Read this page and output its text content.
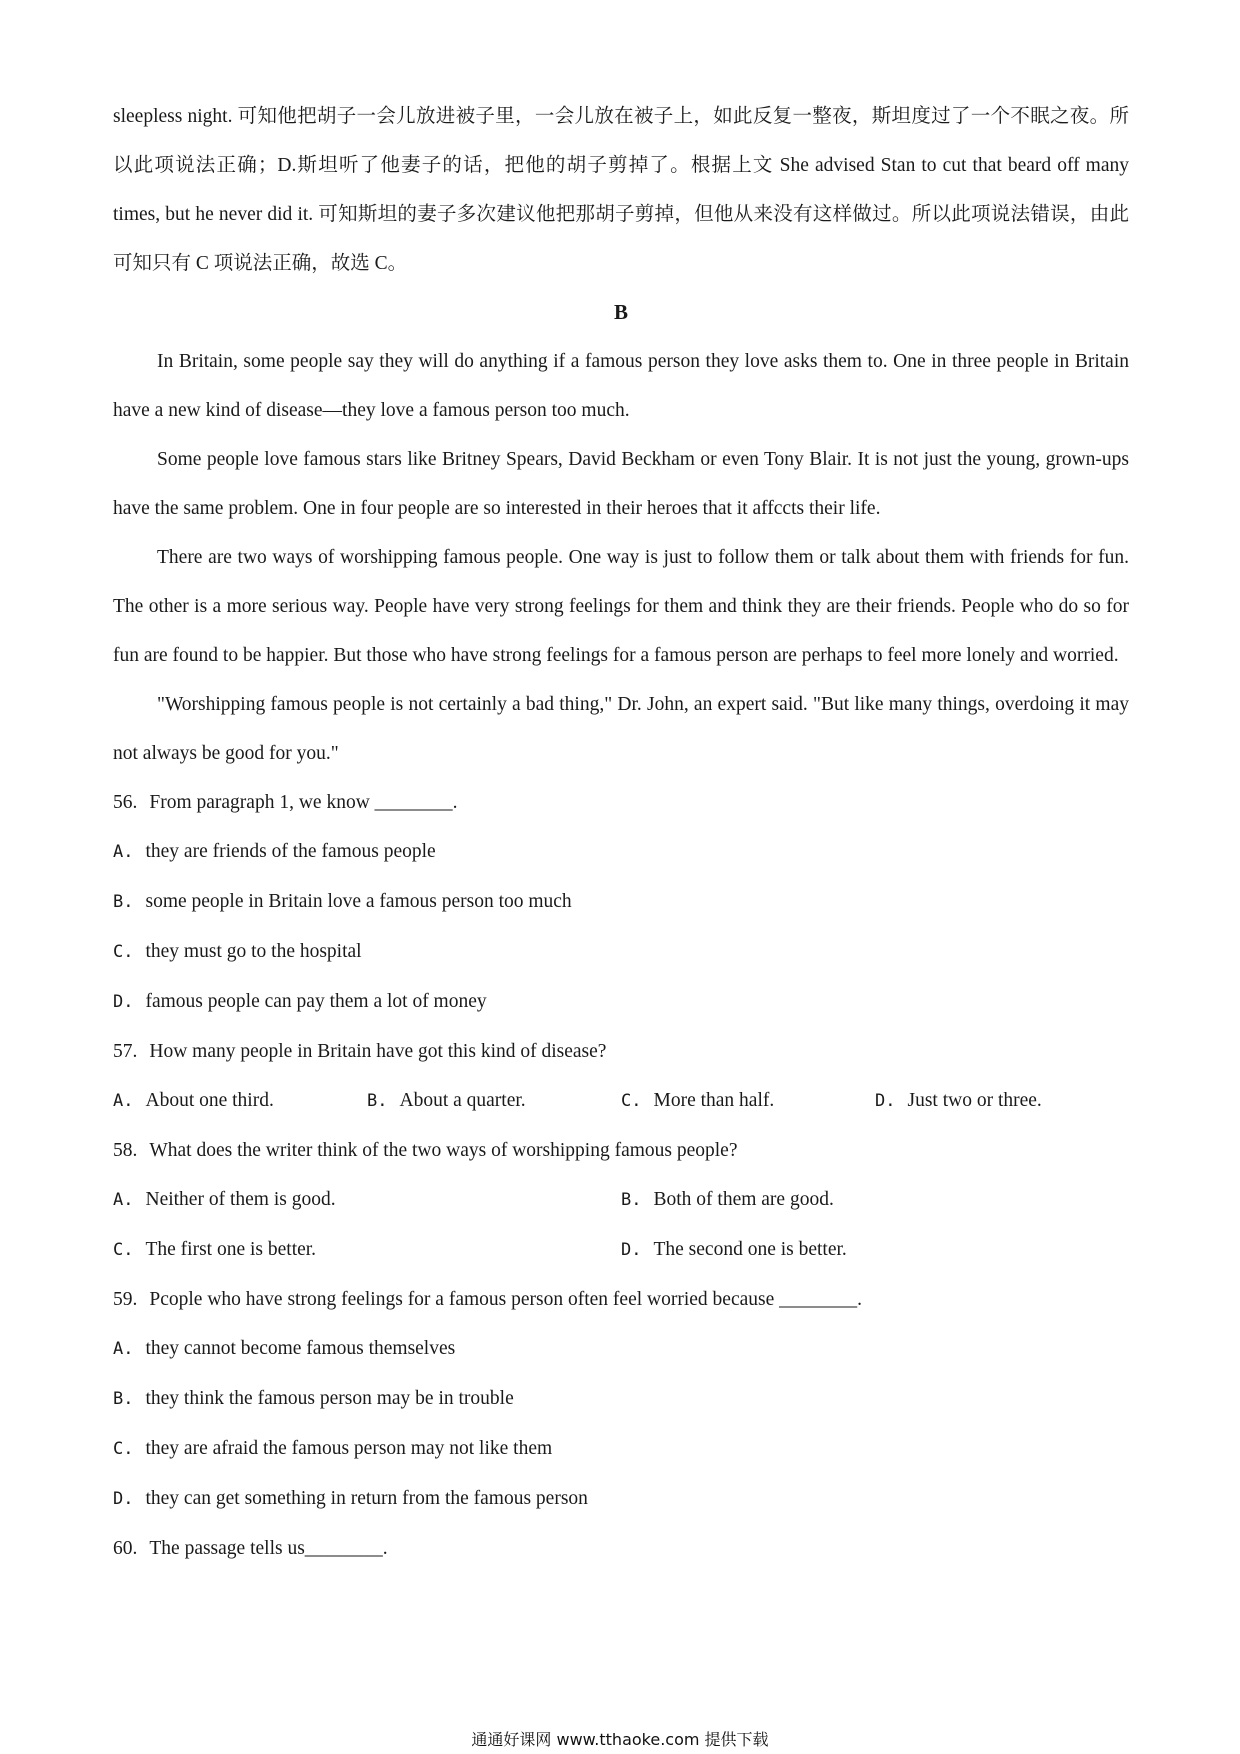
sleepless night. 可知他把胡子一会儿放进被子里，一会儿放在被子上，如此反复一整夜，斯坦度过了一个不眠之夜。所以此项说法正确；D.斯坦听了他妻子的话，把他的胡子剪掉了。根据上文 She advised Stan to cut that beard off many times, but he never did it. 可知斯坦的妻子多次建议他把那胡子剪掉，但他从来没有这样做过。所以此项说法错误，由此可知只有 C 项说法正确，故选 C。

B

In Britain, some people say they will do anything if a famous person they love asks them to. One in three people in Britain have a new kind of disease—they love a famous person too much.

Some people love famous stars like Britney Spears, David Beckham or even Tony Blair. It is not just the young, grown-ups have the same problem. One in four people are so interested in their heroes that it affccts their life.

There are two ways of worshipping famous people. One way is just to follow them or talk about them with friends for fun. The other is a more serious way. People have very strong feelings for them and think they are their friends. People who do so for fun are found to be happier. But those who have strong feelings for a famous person are perhaps to feel more lonely and worried.

"Worshipping famous people is not certainly a bad thing," Dr. John, an expert said. "But like many things, overdoing it may not always be good for you."

56. From paragraph 1, we know ________.

A. they are friends of the famous people

B. some people in Britain love a famous person too much

C. they must go to the hospital

D. famous people can pay them a lot of money

57. How many people in Britain have got this kind of disease?

A. About one third.	B. About a quarter.	C. More than half.	D. Just two or three.

58. What does the writer think of the two ways of worshipping famous people?

A. Neither of them is good.	B. Both of them are good.
C. The first one is better.	D. The second one is better.

59. Pcople who have strong feelings for a famous person often feel worried because ________.

A. they cannot become famous themselves

B. they think the famous person may be in trouble

C. they are afraid the famous person may not like them

D. they can get something in return from the famous person

60. The passage tells us________.

通通好课网 www.tthaoke.com 提供下载
